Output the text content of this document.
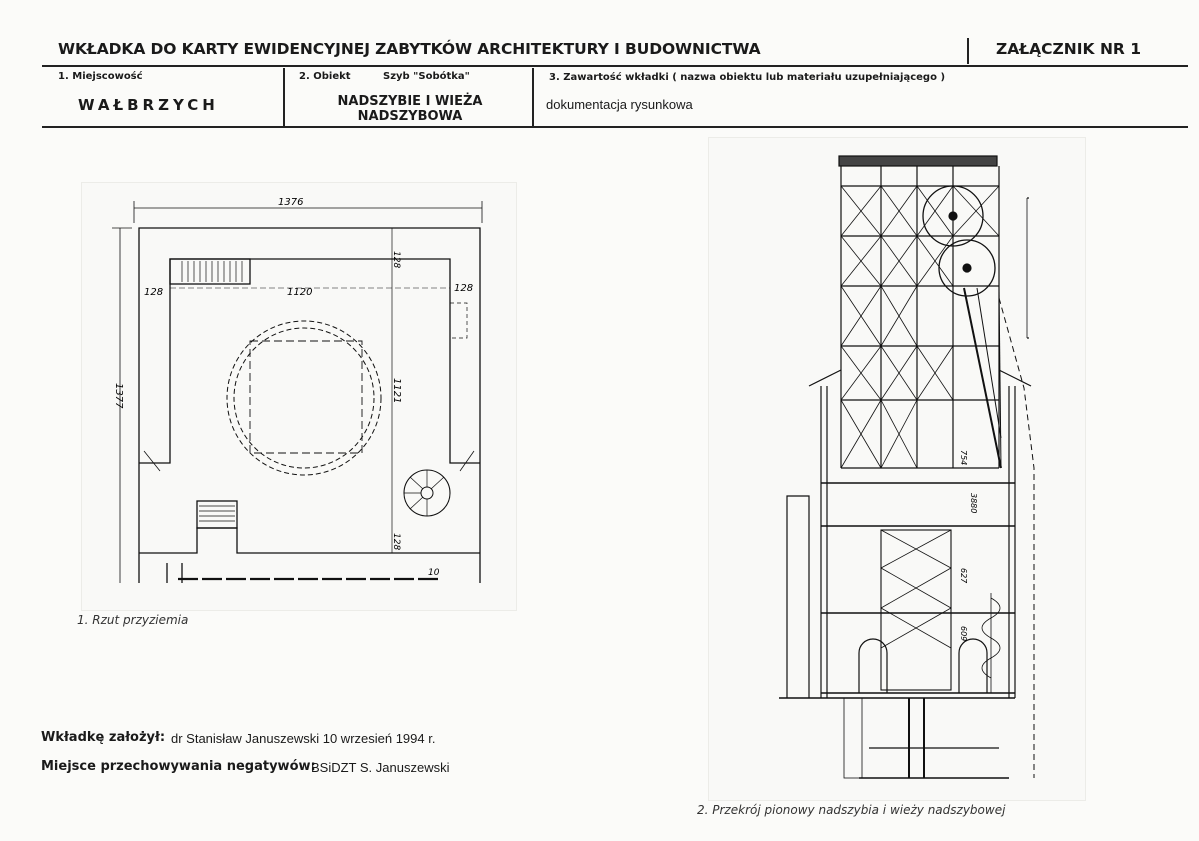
WKŁADKA DO KARTY EWIDENCYJNEJ ZABYTKÓW ARCHITEKTURY I BUDOWNICTWA	ZAŁĄCZNIK NR 1
1. Miejscowość
WAŁBRZYCH
2. Obiekt	Szyb "Sobótka"
NADSZYBIE I WIEŻA NADSZYBOWA
3. Zawartość wkładki ( nazwa obiektu lub materiału uzupełniającego )
dokumentacja rysunkowa
1376
1120
128	128
128
1377	1121
128
10
1. Rzut przyziemia
754
3880
627
609
2. Przekrój pionowy nadszybia i wieży nadszybowej
Wkładkę założył: dr Stanisław Januszewski 10 wrzesień 1994 r.
Miejsce przechowywania negatywów:
BSiDZT S. Januszewski
